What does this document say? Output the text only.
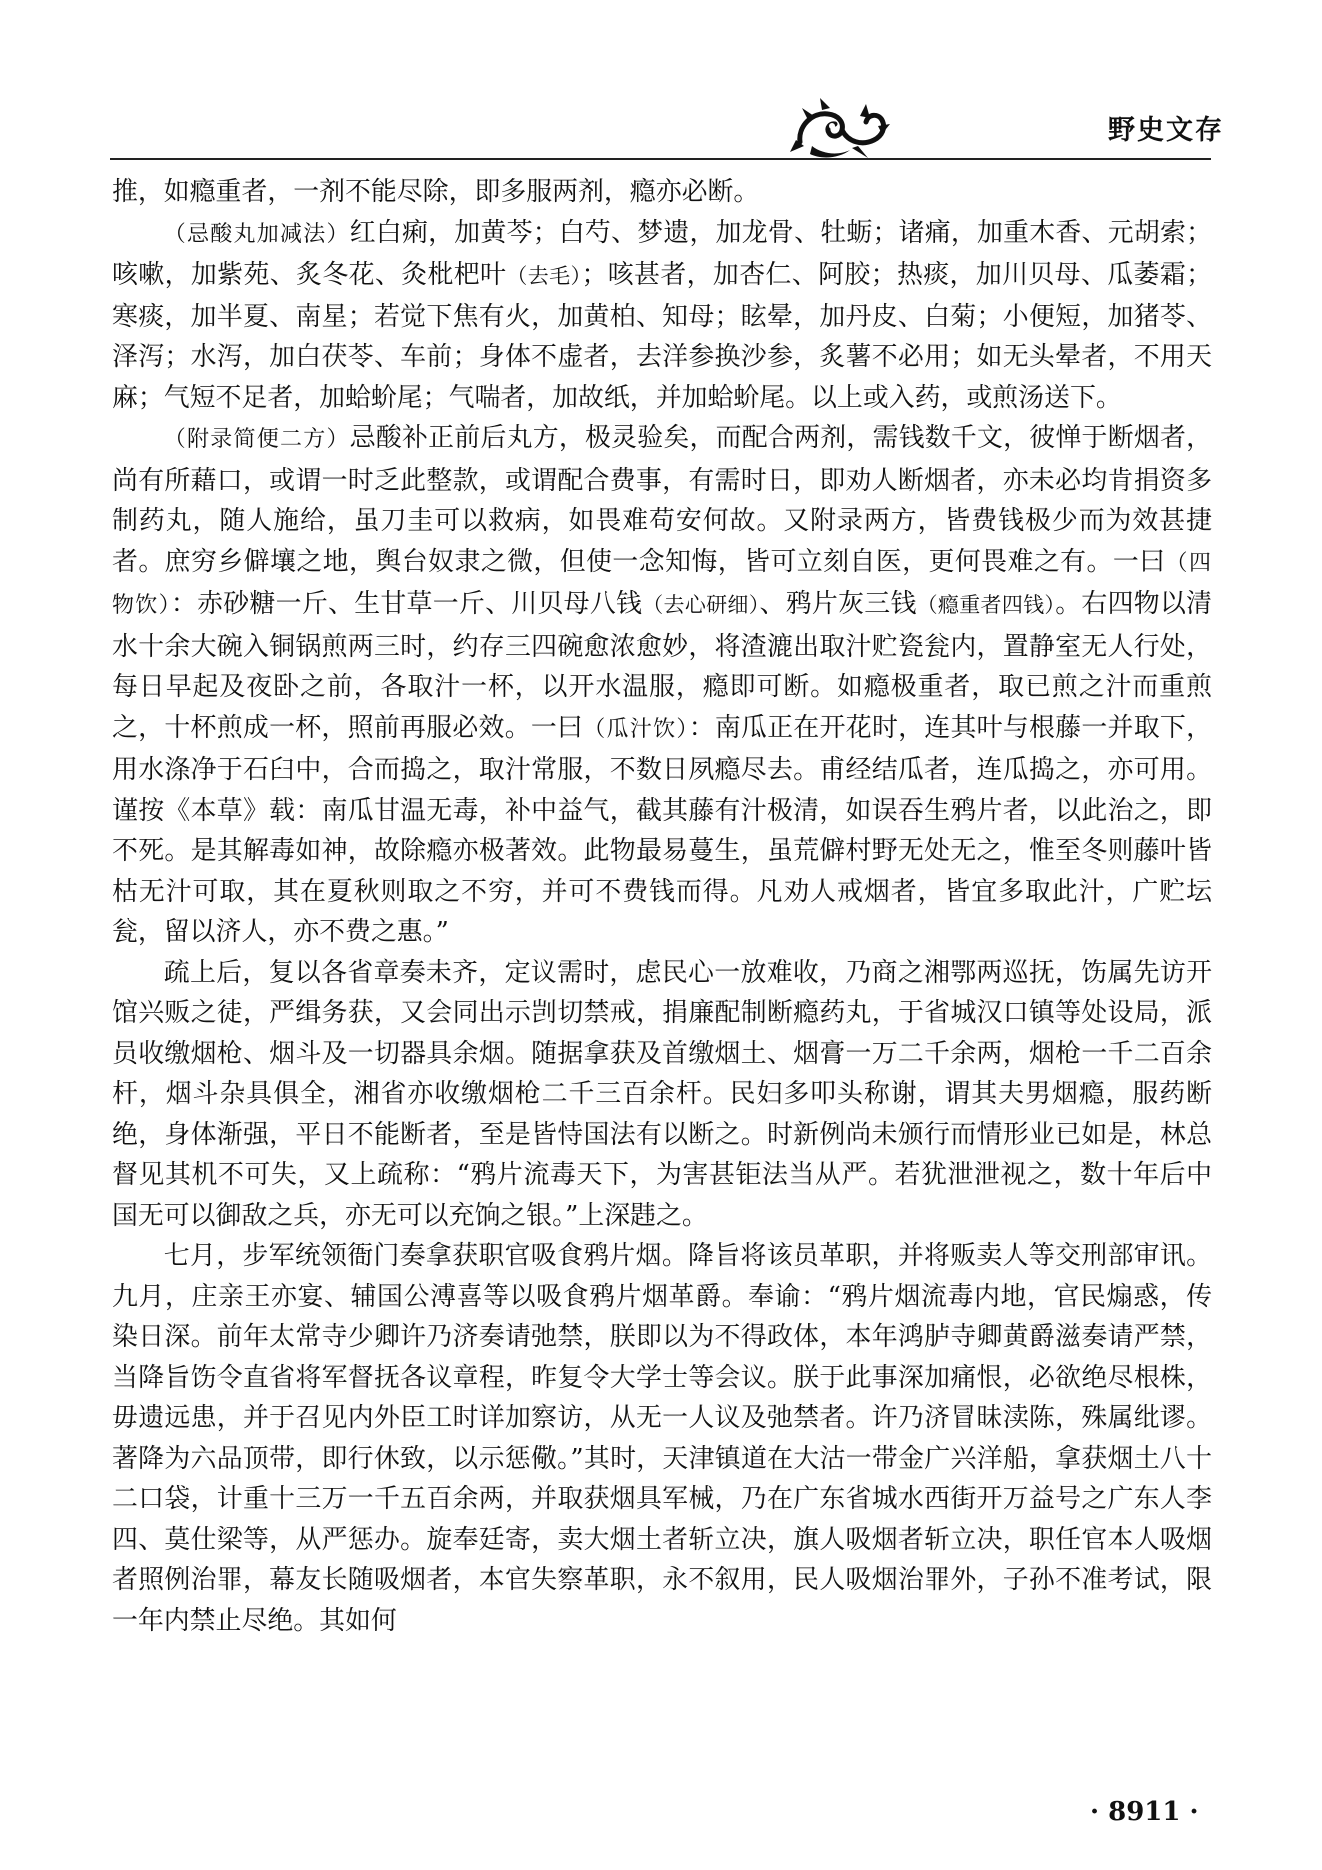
野史文存

推，如瘾重者，一剂不能尽除，即多服两剂，瘾亦必断。

（忌酸丸加减法）红白痢，加黄芩；白芍、梦遗，加龙骨、牡蛎；诸痛，加重木香、元胡索；咳嗽，加紫苑、炙冬花、灸枇杷叶（去毛）；咳甚者，加杏仁、阿胶；热痰，加川贝母、瓜萎霜；寒痰，加半夏、南星；若觉下焦有火，加黄柏、知母；眩晕，加丹皮、白菊；小便短，加猪苓、泽泻；水泻，加白茯苓、车前；身体不虚者，去洋参换沙参，炙薯不必用；如无头晕者，不用天麻；气短不足者，加蛤蚧尾；气喘者，加故纸，并加蛤蚧尾。以上或入药，或煎汤送下。

（附录简便二方）忌酸补正前后丸方，极灵验矣，而配合两剂，需钱数千文，彼惮于断烟者，尚有所藉口，或谓一时乏此整款，或谓配合费事，有需时日，即劝人断烟者，亦未必均肯捐资多制药丸，随人施给，虽刀圭可以救病，如畏难苟安何故。又附录两方，皆费钱极少而为效甚捷者。庶穷乡僻壤之地，舆台奴隶之微，但使一念知悔，皆可立刻自医，更何畏难之有。一曰（四物饮）：赤砂糖一斤、生甘草一斤、川贝母八钱（去心研细）、鸦片灰三钱（瘾重者四钱）。右四物以清水十余大碗入铜锅煎两三时，约存三四碗愈浓愈妙，将渣漉出取汁贮瓷瓮内，置静室无人行处，每日早起及夜卧之前，各取汁一杯，以开水温服，瘾即可断。如瘾极重者，取已煎之汁而重煎之，十杯煎成一杯，照前再服必效。一曰（瓜汁饮）：南瓜正在开花时，连其叶与根藤一并取下，用水涤净于石臼中，合而捣之，取汁常服，不数日夙瘾尽去。甫经结瓜者，连瓜捣之，亦可用。谨按《本草》载：南瓜甘温无毒，补中益气，截其藤有汁极清，如误吞生鸦片者，以此治之，即不死。是其解毒如神，故除瘾亦极著效。此物最易蔓生，虽荒僻村野无处无之，惟至冬则藤叶皆枯无汁可取，其在夏秋则取之不穷，并可不费钱而得。凡劝人戒烟者，皆宜多取此汁，广贮坛瓮，留以济人，亦不费之惠。”

疏上后，复以各省章奏未齐，定议需时，虑民心一放难收，乃商之湘鄂两巡抚，饬属先访开馆兴贩之徒，严缉务获，又会同出示剀切禁戒，捐廉配制断瘾药丸，于省城汉口镇等处设局，派员收缴烟枪、烟斗及一切器具余烟。随据拿获及首缴烟土、烟膏一万二千余两，烟枪一千二百余杆，烟斗杂具俱全，湘省亦收缴烟枪二千三百余杆。民妇多叩头称谢，谓其夫男烟瘾，服药断绝，身体渐强，平日不能断者，至是皆恃国法有以断之。时新例尚未颁行而情形业已如是，林总督见其机不可失，又上疏称：“鸦片流毒天下，为害甚钜法当从严。若犹泄泄视之，数十年后中国无可以御敌之兵，亦无可以充饷之银。”上深韪之。

七月，步军统领衙门奏拿获职官吸食鸦片烟。降旨将该员革职，并将贩卖人等交刑部审讯。九月，庄亲王亦宴、辅国公溥喜等以吸食鸦片烟革爵。奉谕：“鸦片烟流毒内地，官民煽惑，传染日深。前年太常寺少卿许乃济奏请弛禁，朕即以为不得政体，本年鸿胪寺卿黄爵滋奏请严禁，当降旨饬令直省将军督抚各议章程，昨复令大学士等会议。朕于此事深加痛恨，必欲绝尽根株，毋遗远患，并于召见内外臣工时详加察访，从无一人议及弛禁者。许乃济冒昧渎陈，殊属纰谬。著降为六品顶带，即行休致，以示惩儆。”其时，天津镇道在大沽一带金广兴洋船，拿获烟土八十二口袋，计重十三万一千五百余两，并取获烟具军械，乃在广东省城水西街开万益号之广东人李四、莫仕梁等，从严惩办。旋奉廷寄，卖大烟土者斩立决，旗人吸烟者斩立决，职任官本人吸烟者照例治罪，幕友长随吸烟者，本官失察革职，永不叙用，民人吸烟治罪外，子孙不准考试，限一年内禁止尽绝。其如何

· 8911 ·
